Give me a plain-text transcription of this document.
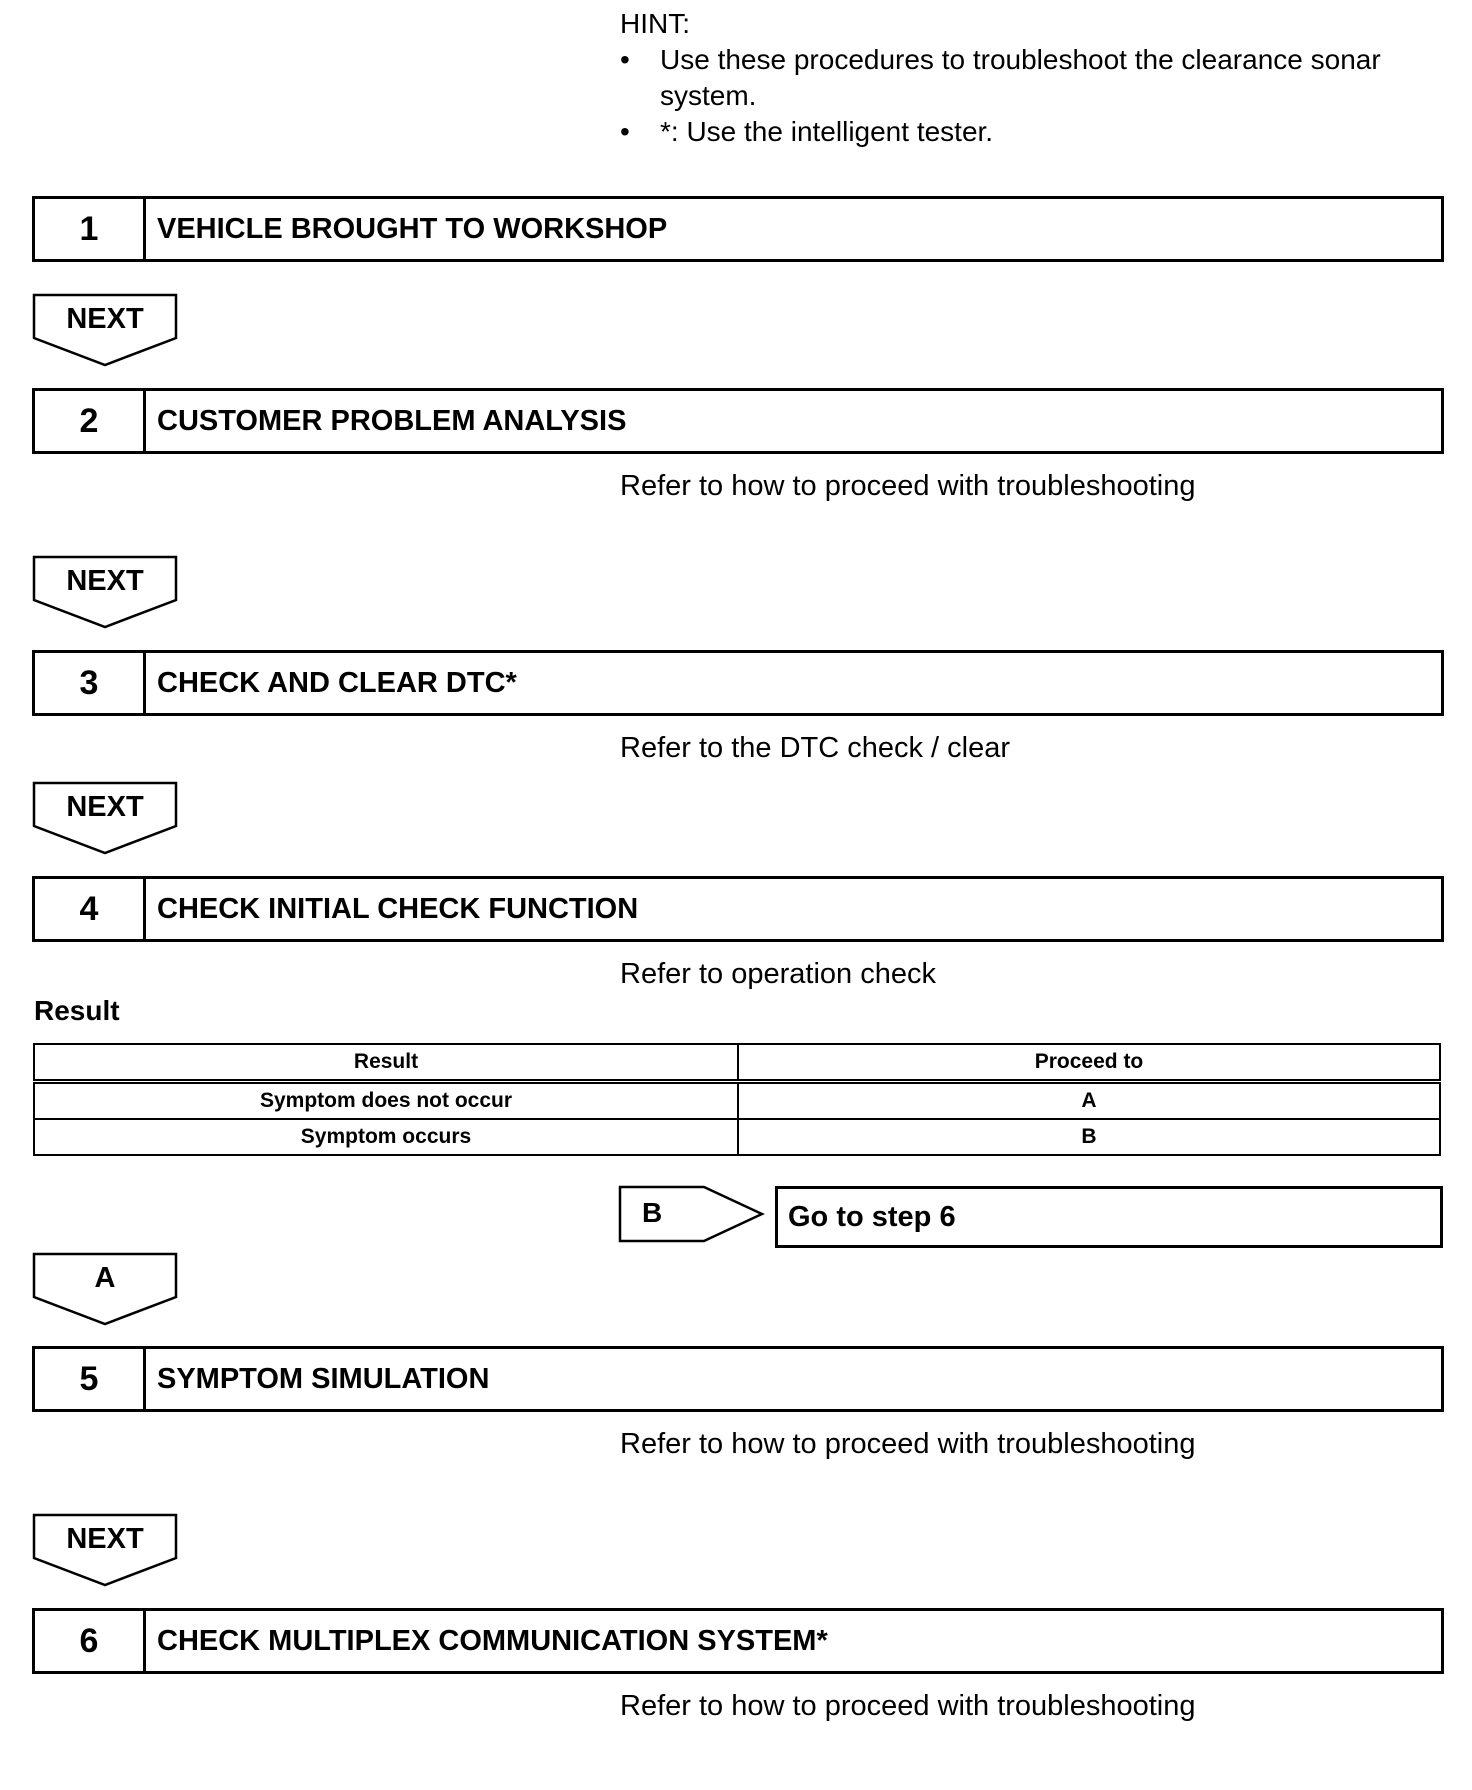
HINT:
• Use these procedures to troubleshoot the clearance sonar
system.
• *: Use the intelligent tester.
1	VEHICLE BROUGHT TO WORKSHOP
NEXT
2	CUSTOMER PROBLEM ANALYSIS
Refer to how to proceed with troubleshooting
NEXT
3	CHECK AND CLEAR DTC*
Refer to the DTC check / clear
NEXT
4	CHECK INITIAL CHECK FUNCTION
Refer to operation check
Result
Result	Proceed to
Symptom does not occur	A
Symptom occurs	B
B	Go to step 6
A
5	SYMPTOM SIMULATION
Refer to how to proceed with troubleshooting
NEXT
6	CHECK MULTIPLEX COMMUNICATION SYSTEM*
Refer to how to proceed with troubleshooting
